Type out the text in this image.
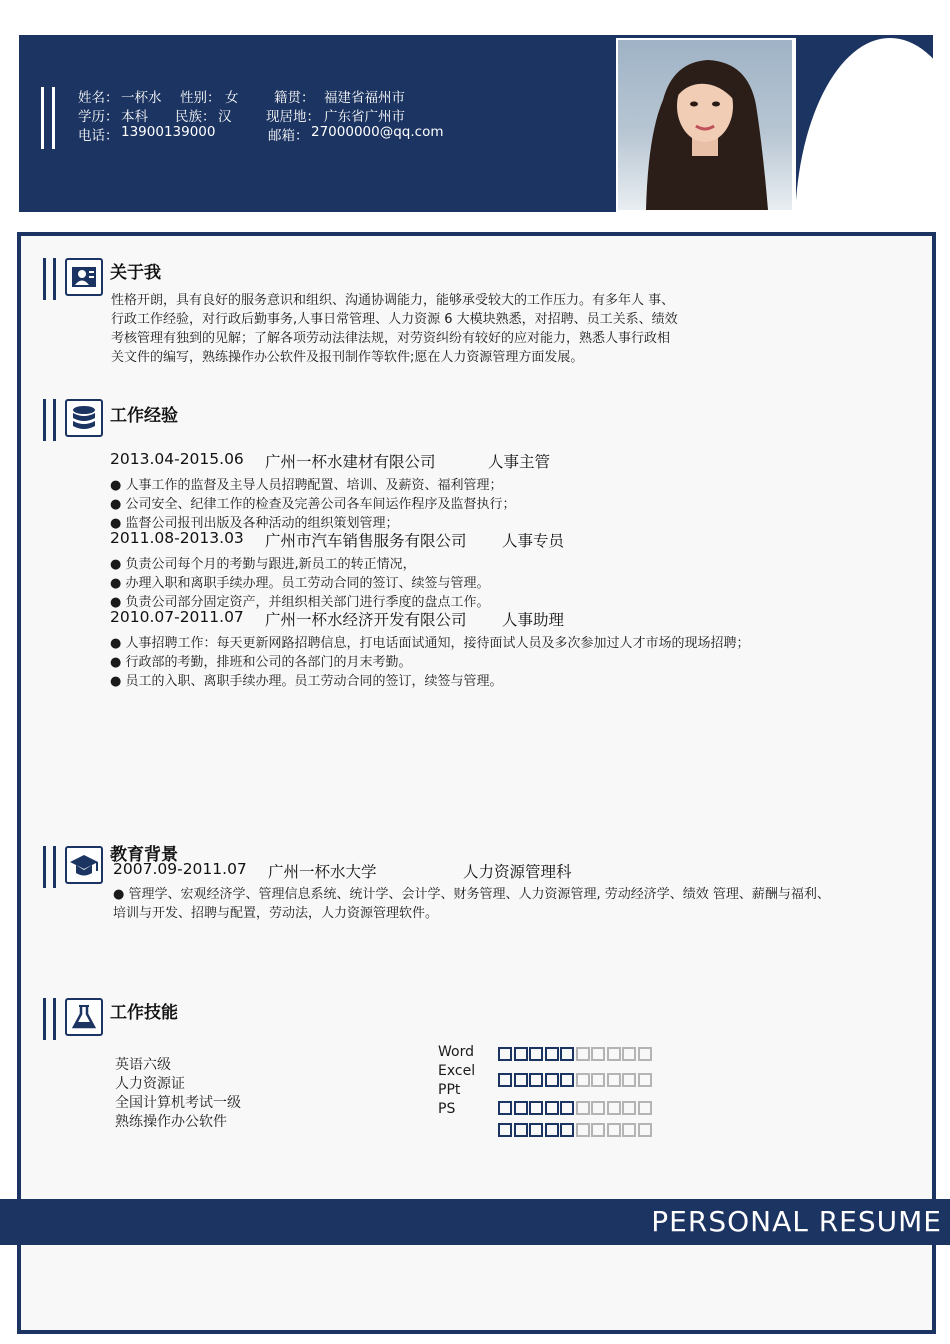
姓名： 一杯水 性别： 女	籍贯： 福建省福州市
学历： 本科 民族： 汉	现居地： 广东省广州市
电话： 13900139000	邮箱： 27000000@qq.com
关于我
性格开朗，具有良好的服务意识和组织、沟通协调能力，能够承受较大的工作压力。有多年人 事、
行政工作经验，对行政后勤事务,人事日常管理、人力资源 6 大模块熟悉，对招聘、员工关系、绩效
考核管理有独到的见解；了解各项劳动法律法规，对劳资纠纷有较好的应对能力，熟悉人事行政相
关文件的编写，熟练操作办公软件及报刊制作等软件;愿在人力资源管理方面发展。
工作经验
2013.04-2015.06 广州一杯水建材有限公司	人事主管
● 人事工作的监督及主导人员招聘配置、培训、及薪资、福利管理；
● 公司安全、纪律工作的检查及完善公司各车间运作程序及监督执行；
● 监督公司报刊出版及各种活动的组织策划管理；
2011.08-2013.03 广州市汽车销售服务有限公司 人事专员
● 负责公司每个月的考勤与跟进,新员工的转正情况，
● 办理入职和离职手续办理。员工劳动合同的签订、续签与管理。
● 负责公司部分固定资产，并组织相关部门进行季度的盘点工作。
2010.07-2011.07 广州一杯水经济开发有限公司 人事助理
● 人事招聘工作：每天更新网路招聘信息，打电话面试通知，接待面试人员及多次参加过人才市场的现场招聘；
● 行政部的考勤，排班和公司的各部门的月末考勤。
● 员工的入职、离职手续办理。员工劳动合同的签订，续签与管理。
教育背景
2007.09-2011.07 广州一杯水大学	人力资源管理科
● 管理学、宏观经济学、管理信息系统、统计学、会计学、财务管理、人力资源管理, 劳动经济学、绩效 管理、薪酬与福利、
培训与开发、招聘与配置，劳动法，人力资源管理软件。
工作技能
英语六级
人力资源证
全国计算机考试一级
熟练操作办公软件
Word
Excel
PPt
PS
PERSONAL RESUME
